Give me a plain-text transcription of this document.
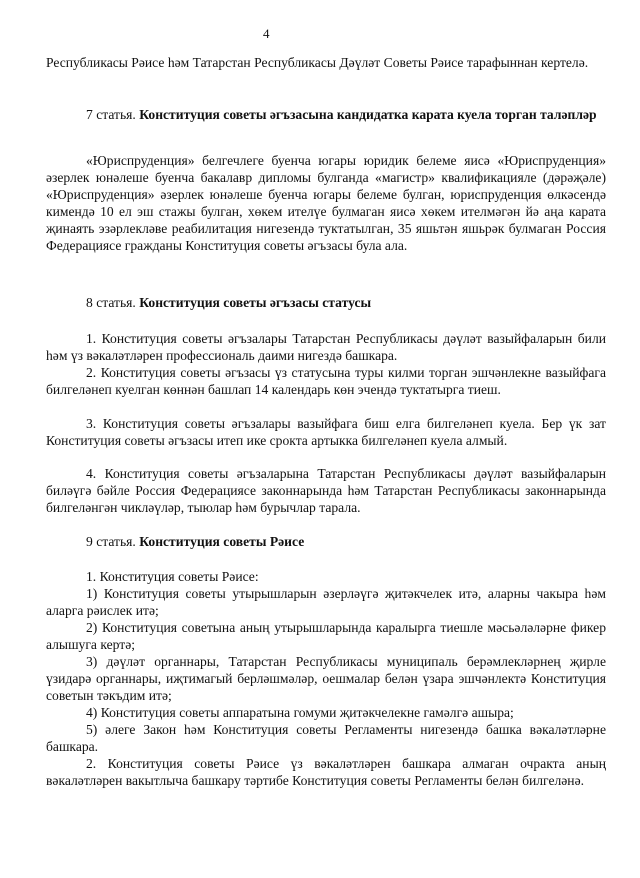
4

Республикасы Рәисе һәм Татарстан Республикасы Дәүләт Советы Рәисе тарафыннан кертелә.

7 статья. Конституция советы әгъзасына кандидатка карата куела торган таләпләр

«Юриспруденция» белгечлеге буенча югары юридик белеме яисә «Юриспруденция» әзерлек юнәлеше буенча бакалавр дипломы булганда «магистр» квалификацияле (дәрәҗәле) «Юриспруденция» әзерлек юнәлеше буенча югары белеме булган, юриспруденция өлкәсендә кимендә 10 ел эш стажы булган, хөкем ителүе булмаган яисә хөкем ителмәгән йә аңа карата җинаять эзәрлекләве реабилитация нигезендә туктатылган, 35 яшьтән яшьрәк булмаган Россия Федерациясе гражданы Конституция советы әгъзасы була ала.

8 статья. Конституция советы әгъзасы статусы

1. Конституция советы әгъзалары Татарстан Республикасы дәүләт вазыйфаларын били һәм үз вәкаләтләрен профессиональ даими нигездә башкара.

2. Конституция советы әгъзасы үз статусына туры килми торган эшчәнлекне вазыйфага билгеләнеп куелган көннән башлап 14 календарь көн эчендә туктатырга тиеш.

3. Конституция советы әгъзалары вазыйфага биш елга билгеләнеп куела. Бер үк зат Конституция советы әгъзасы итеп ике срокта артыкка билгеләнеп куела алмый.

4. Конституция советы әгъзаларына Татарстан Республикасы дәүләт вазыйфаларын биләүгә бәйле Россия Федерациясе законнарында һәм Татарстан Республикасы законнарында билгеләнгән чикләүләр, тыюлар һәм бурычлар тарала.

9 статья. Конституция советы Рәисе

1. Конституция советы Рәисе:

1) Конституция советы утырышларын әзерләүгә җитәкчелек итә, аларны чакыра һәм аларга рәислек итә;

2) Конституция советына аның утырышларында каралырга тиешле мәсьәләләрне фикер алышуга кертә;

3) дәүләт органнары, Татарстан Республикасы муниципаль берәмлекләрнең җирле үзидарә органнары, иҗтимагый берләшмәләр, оешмалар белән үзара эшчәнлектә Конституция советын тәкъдим итә;

4) Конституция советы аппаратына гомуми җитәкчелекне гамәлгә ашыра;

5) әлеге Закон һәм Конституция советы Регламенты нигезендә башка вәкаләтләрне башкара.

2. Конституция советы Рәисе үз вәкаләтләрен башкара алмаган очракта аның вәкаләтләрен вакытлыча башкару тәртибе Конституция советы Регламенты белән билгеләнә.
